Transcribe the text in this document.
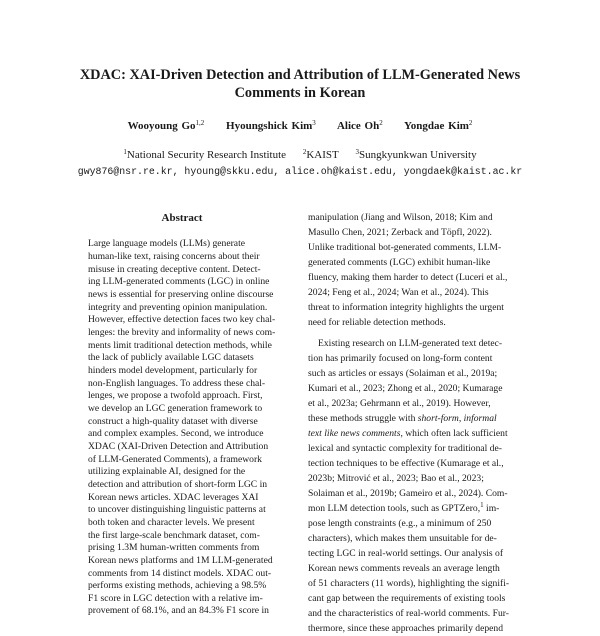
XDAC: XAI-Driven Detection and Attribution of LLM-Generated News
Comments in Korean
Wooyoung Go$^{1,2}$ Hyoungshick Kim$^3$ Alice Oh$^2$ Yongdae Kim$^2$
$^1$National Security Research Institute $^2$KAIST $^3$Sungkyunkwan University
gwy876@nsr.re.kr, hyoung@skku.edu, alice.oh@kaist.edu, yongdaek@kaist.ac.kr
Abstract
Large language models (LLMs) generate
human-like text, raising concerns about their
misuse in creating deceptive content. Detect-
ing LLM-generated comments (LGC) in online
news is essential for preserving online discourse
integrity and preventing opinion manipulation.
However, effective detection faces two key chal-
lenges: the brevity and informality of news com-
ments limit traditional detection methods, while
the lack of publicly available LGC datasets
hinders model development, particularly for
non-English languages. To address these chal-
lenges, we propose a twofold approach. First,
we develop an LGC generation framework to
construct a high-quality dataset with diverse
and complex examples. Second, we introduce
XDAC (XAI-Driven Detection and Attribution
of LLM-Generated Comments), a framework
utilizing explainable AI, designed for the
detection and attribution of short-form LGC in
Korean news articles. XDAC leverages XAI
to uncover distinguishing linguistic patterns at
both token and character levels. We present
the first large-scale benchmark dataset, com-
prising 1.3M human-written comments from
Korean news platforms and 1M LLM-generated
comments from 14 distinct models. XDAC out-
performs existing methods, achieving a 98.5%
F1 score in LGC detection with a relative im-
provement of 68.1%, and an 84.3% F1 score in
manipulation (Jiang and Wilson, 2018; Kim and
Masullo Chen, 2021; Zerback and Töpfl, 2022).
Unlike traditional bot-generated comments, LLM-
generated comments (LGC) exhibit human-like
fluency, making them harder to detect (Luceri et al.,
2024; Feng et al., 2024; Wan et al., 2024). This
threat to information integrity highlights the urgent
need for reliable detection methods.
Existing research on LLM-generated text detec-
tion has primarily focused on long-form content
such as articles or essays (Solaiman et al., 2019a;
Kumari et al., 2023; Zhong et al., 2020; Kumarage
et al., 2023a; Gehrmann et al., 2019). However,
these methods struggle with short-form, informal
text like news comments, which often lack sufficient
lexical and syntactic complexity for traditional de-
tection techniques to be effective (Kumarage et al.,
2023b; Mitrović et al., 2023; Bao et al., 2023;
Solaiman et al., 2019b; Gameiro et al., 2024). Com-
mon LLM detection tools, such as GPTZero,$^1$ im-
pose length constraints (e.g., a minimum of 250
characters), which makes them unsuitable for de-
tecting LGC in real-world settings. Our analysis of
Korean news comments reveals an average length
of 51 characters (11 words), highlighting the signifi-
cant gap between the requirements of existing tools
and the characteristics of real-world comments. Fur-
thermore, since these approaches primarily depend
